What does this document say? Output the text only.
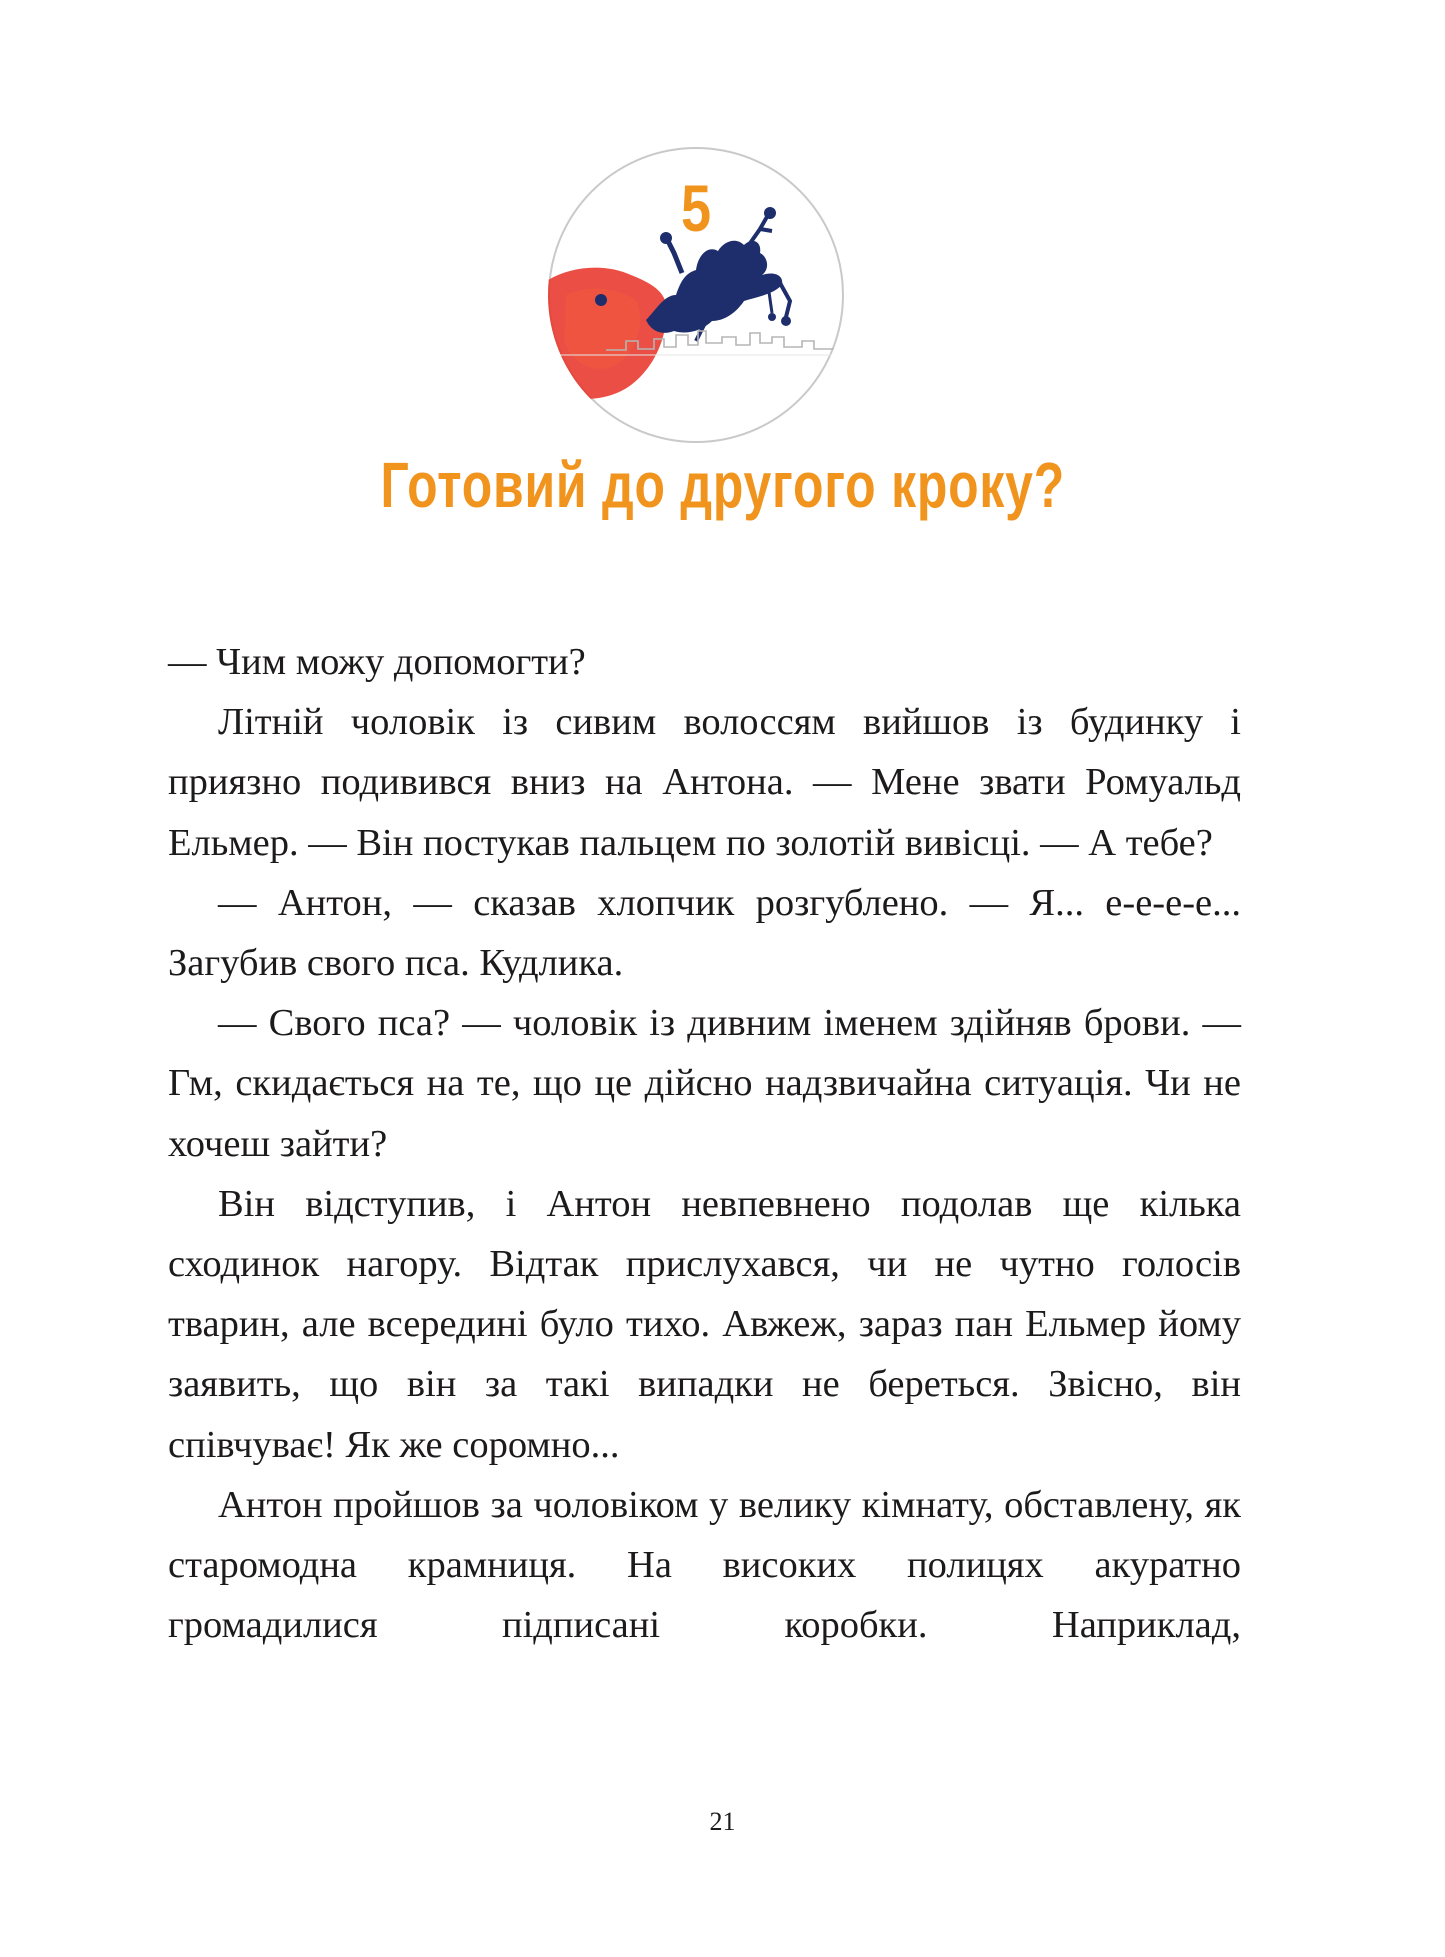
5
Готовий до другого кроку?

— Чим можу допомогти?

Літній чоловік із сивим волоссям вийшов із будинку і приязно подивився вниз на Антона. — Мене звати Ромуальд Ельмер. — Він постукав пальцем по золотій вивісці. — А тебе?

— Антон, — сказав хлопчик розгублено. — Я... е-е-е-е... Загубив свого пса. Кудлика.

— Свого пса? — чоловік із дивним іменем здійняв брови. — Гм, скидається на те, що це дійсно надзвичайна ситуація. Чи не хочеш зайти?

Він відступив, і Антон невпевнено подолав ще кілька сходинок нагору. Відтак прислухався, чи не чутно голосів тварин, але всередині було тихо. Авжеж, зараз пан Ельмер йому заявить, що він за такі випадки не береться. Звісно, він співчуває! Як же соромно...

Антон пройшов за чоловіком у велику кімнату, обставлену, як старомодна крамниця. На високих полицях акуратно громадилися підписані коробки. Наприклад,

21
